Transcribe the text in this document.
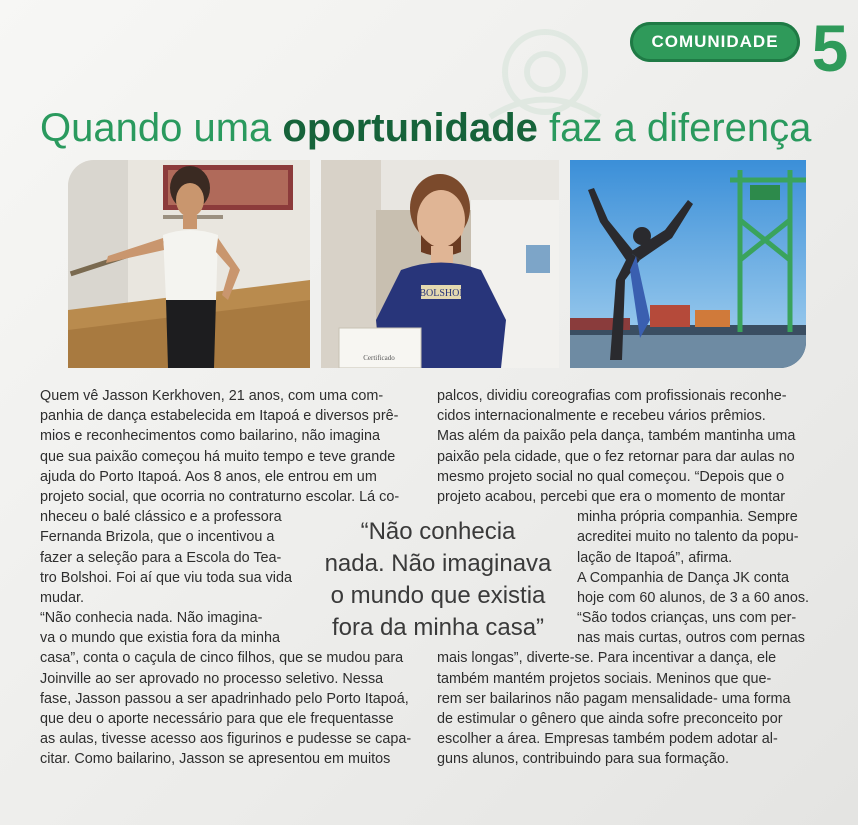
COMUNIDADE 5
Quando uma oportunidade faz a diferença
BOLSHOI
Certificado
Quem vê Jasson Kerkhoven, 21 anos, com uma com-
panhia de dança estabelecida em Itapoá e diversos prê-
mios e reconhecimentos como bailarino, não imagina
que sua paixão começou há muito tempo e teve grande
ajuda do Porto Itapoá. Aos 8 anos, ele entrou em um
projeto social, que ocorria no contraturno escolar. Lá co-
nheceu o balé clássico e a professora
Fernanda Brizola, que o incentivou a
fazer a seleção para a Escola do Tea-
tro Bolshoi. Foi aí que viu toda sua vida
mudar.
“Não conhecia nada. Não imagina-
va o mundo que existia fora da minha
casa”, conta o caçula de cinco filhos, que se mudou para
Joinville ao ser aprovado no processo seletivo. Nessa
fase, Jasson passou a ser apadrinhado pelo Porto Itapoá,
que deu o aporte necessário para que ele frequentasse
as aulas, tivesse acesso aos figurinos e pudesse se capa-
citar. Como bailarino, Jasson se apresentou em muitos
palcos, dividiu coreografias com profissionais reconhe-
cidos internacionalmente e recebeu vários prêmios.
Mas além da paixão pela dança, também mantinha uma
paixão pela cidade, que o fez retornar para dar aulas no
mesmo projeto social no qual começou. “Depois que o
projeto acabou, percebi que era o momento de montar
minha própria companhia. Sempre
acreditei muito no talento da popu-
lação de Itapoá”, afirma.
A Companhia de Dança JK conta
hoje com 60 alunos, de 3 a 60 anos.
“São todos crianças, uns com per-
nas mais curtas, outros com pernas
mais longas”, diverte-se. Para incentivar a dança, ele
também mantém projetos sociais. Meninos que que-
rem ser bailarinos não pagam mensalidade- uma forma
de estimular o gênero que ainda sofre preconceito por
escolher a área. Empresas também podem adotar al-
guns alunos, contribuindo para sua formação.
“Não conhecia
nada. Não imaginava
o mundo que existia
fora da minha casa”
